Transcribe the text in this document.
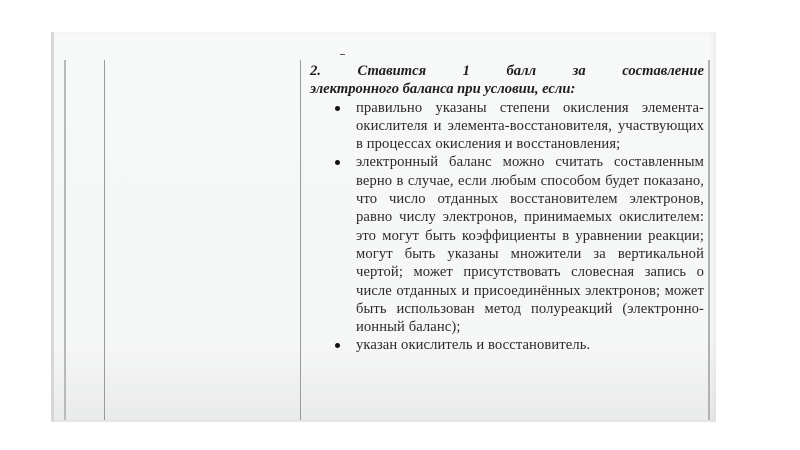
2.	Ставится	1	балл	за	составление
электронного баланса при условии, если:
правильно указаны степени окисления элемента-окислителя и элемента-восстановителя, участвующих в процессах окисления и восстановления;
электронный баланс можно считать составленным верно в случае, если любым способом будет показано, что число отданных восстановителем электронов, равно числу электронов, принимаемых окислителем: это могут быть коэффициенты в уравнении реакции; могут быть указаны множители за вертикальной чертой; может присутствовать словесная запись о числе отданных и присоединённых электронов; может быть использован метод полуреакций (электронно-ионный баланс);
указан окислитель и восстановитель.
